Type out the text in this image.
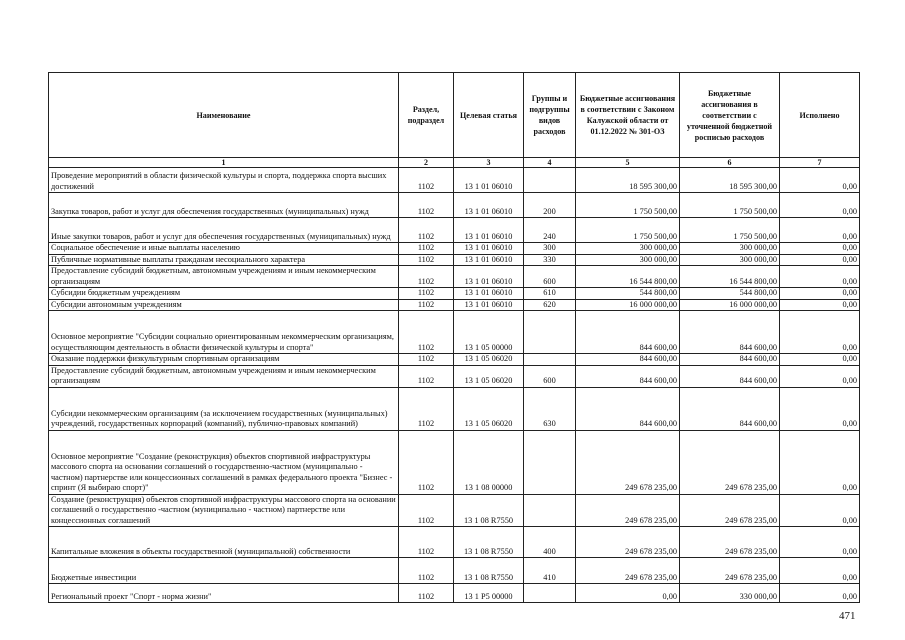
Наименование	Раздел, подраздел	Целевая статья	Группы и подгруппы видов расходов	Бюджетные ассигнования в соответствии с Законом Калужской области от 01.12.2022 № 301-ОЗ	Бюджетные ассигнования в соответствии с уточненной бюджетной росписью расходов	Исполнено
1	2	3	4	5	6	7
Проведение мероприятий в области физической культуры и спорта, поддержка спорта высших достижений	1102	13 1 01 06010		18 595 300,00	18 595 300,00	0,00
Закупка товаров, работ и услуг для обеспечения государственных (муниципальных) нужд	1102	13 1 01 06010	200	1 750 500,00	1 750 500,00	0,00
Иные закупки товаров, работ и услуг для обеспечения государственных (муниципальных) нужд	1102	13 1 01 06010	240	1 750 500,00	1 750 500,00	0,00
Социальное обеспечение и иные выплаты населению	1102	13 1 01 06010	300	300 000,00	300 000,00	0,00
Публичные нормативные выплаты гражданам несоциального характера	1102	13 1 01 06010	330	300 000,00	300 000,00	0,00
Предоставление субсидий бюджетным, автономным учреждениям и иным некоммерческим организациям	1102	13 1 01 06010	600	16 544 800,00	16 544 800,00	0,00
Субсидии бюджетным учреждениям	1102	13 1 01 06010	610	544 800,00	544 800,00	0,00
Субсидии автономным учреждениям	1102	13 1 01 06010	620	16 000 000,00	16 000 000,00	0,00
Основное мероприятие "Субсидии социально ориентированным некоммерческим организациям, осуществляющим деятельность в области физической культуры и спорта"	1102	13 1 05 00000		844 600,00	844 600,00	0,00
Оказание поддержки физкультурным спортивным организациям	1102	13 1 05 06020		844 600,00	844 600,00	0,00
Предоставление субсидий бюджетным, автономным учреждениям и иным некоммерческим организациям	1102	13 1 05 06020	600	844 600,00	844 600,00	0,00
Субсидии некоммерческим организациям (за исключением государственных (муниципальных) учреждений, государственных корпораций (компаний), публично-правовых компаний)	1102	13 1 05 06020	630	844 600,00	844 600,00	0,00
Основное мероприятие "Создание (реконструкция) объектов спортивной инфраструктуры массового спорта на основании соглашений о государственно-частном (муниципально - частном) партнерстве или концессионных соглашений в рамках федерального проекта "Бизнес - спринт (Я выбираю спорт)"	1102	13 1 08 00000		249 678 235,00	249 678 235,00	0,00
Создание (реконструкция) объектов спортивной инфраструктуры массового спорта на основании соглашений о государственно -частном (муниципально - частном) партнерстве или концессионных соглашений	1102	13 1 08 R7550		249 678 235,00	249 678 235,00	0,00
Капитальные вложения в объекты государственной (муниципальной) собственности	1102	13 1 08 R7550	400	249 678 235,00	249 678 235,00	0,00
Бюджетные инвестиции	1102	13 1 08 R7550	410	249 678 235,00	249 678 235,00	0,00
Региональный проект "Спорт - норма жизни"	1102	13 1 P5 00000		0,00	330 000,00	0,00
471
